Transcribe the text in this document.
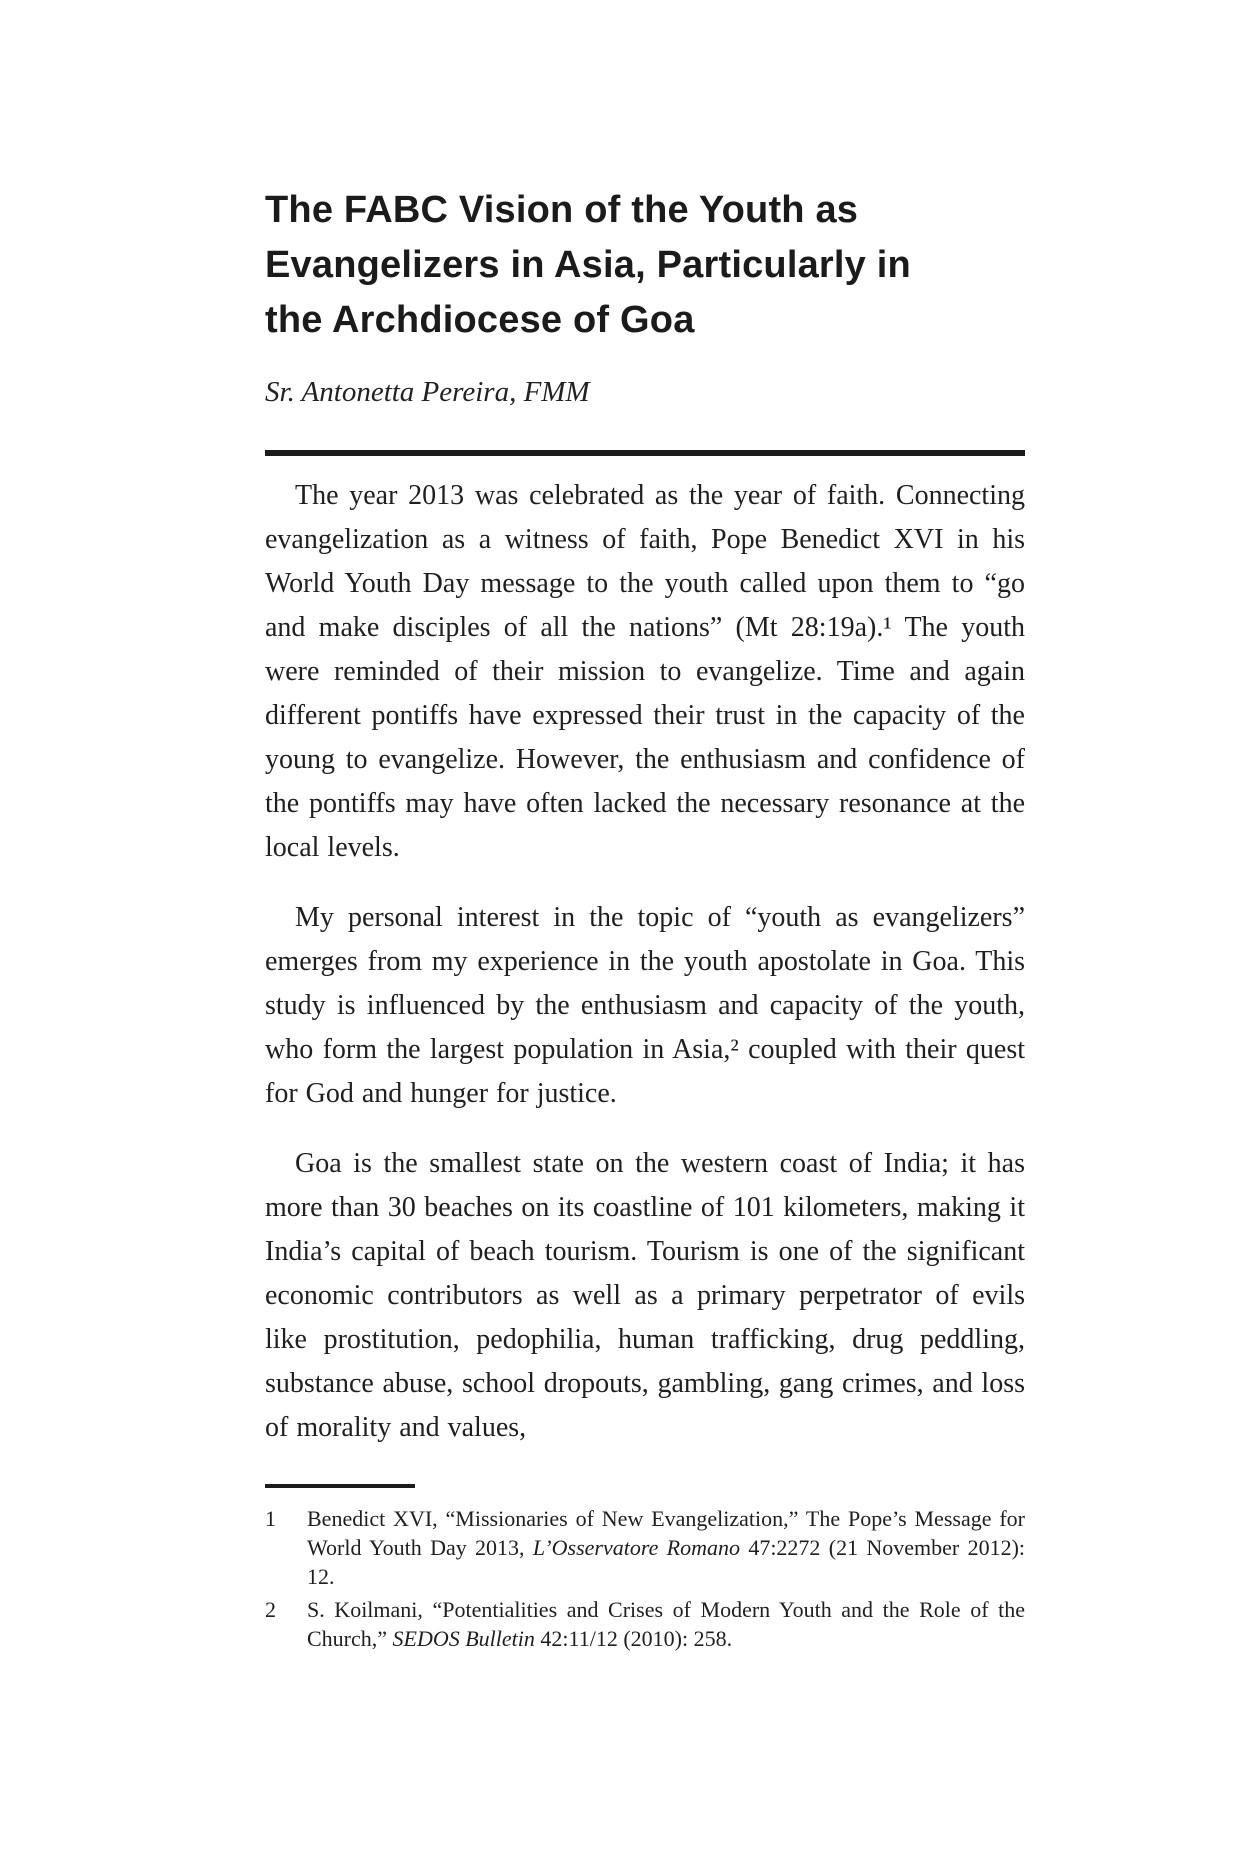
The FABC Vision of the Youth as
Evangelizers in Asia, Particularly in
the Archdiocese of Goa

Sr. Antonetta Pereira, FMM

The year 2013 was celebrated as the year of faith. Connecting evangelization as a witness of faith, Pope Benedict XVI in his World Youth Day message to the youth called upon them to “go and make disciples of all the nations” (Mt 28:19a).¹ The youth were reminded of their mission to evangelize. Time and again different pontiffs have expressed their trust in the capacity of the young to evangelize. However, the enthusiasm and confidence of the pontiffs may have often lacked the necessary resonance at the local levels.

My personal interest in the topic of “youth as evangelizers” emerges from my experience in the youth apostolate in Goa. This study is influenced by the enthusiasm and capacity of the youth, who form the largest population in Asia,² coupled with their quest for God and hunger for justice.

Goa is the smallest state on the western coast of India; it has more than 30 beaches on its coastline of 101 kilometers, making it India’s capital of beach tourism. Tourism is one of the significant economic contributors as well as a primary perpetrator of evils like prostitution, pedophilia, human trafficking, drug peddling, substance abuse, school dropouts, gambling, gang crimes, and loss of morality and values,

1	Benedict XVI, “Missionaries of New Evangelization,” The Pope’s Message for World Youth Day 2013, L’Osservatore Romano 47:2272 (21 November 2012): 12.
2	S. Koilmani, “Potentialities and Crises of Modern Youth and the Role of the Church,” SEDOS Bulletin 42:11/12 (2010): 258.
